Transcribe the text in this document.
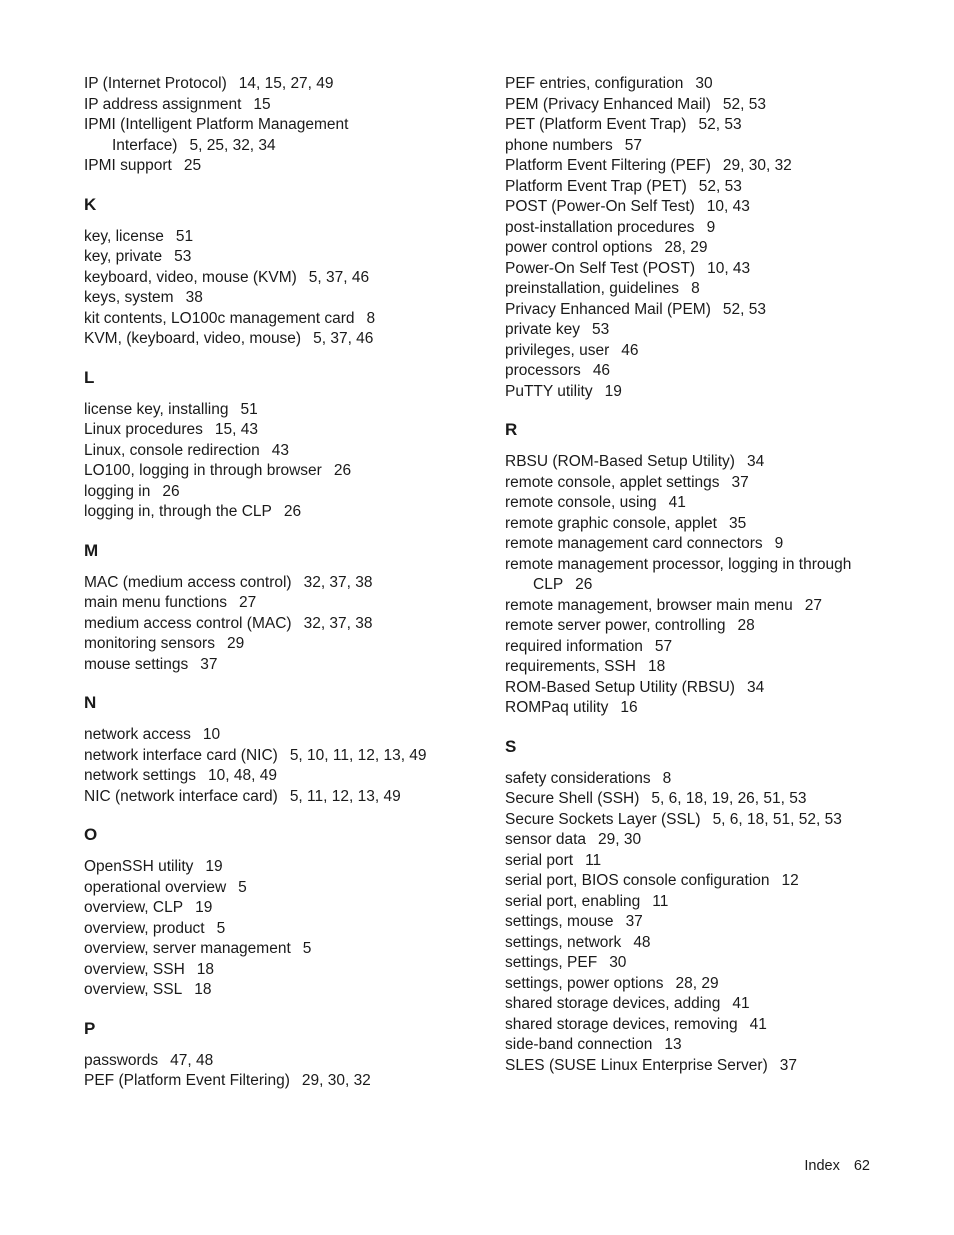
IP (Internet Protocol) 14, 15, 27, 49

IP address assignment 15

IPMI (Intelligent Platform Management Interface) 5, 25, 32, 34

IPMI support 25

K

key, license 51

key, private 53

keyboard, video, mouse (KVM) 5, 37, 46

keys, system 38

kit contents, LO100c management card 8

KVM, (keyboard, video, mouse) 5, 37, 46

L

license key, installing 51

Linux procedures 15, 43

Linux, console redirection 43

LO100, logging in through browser 26

logging in 26

logging in, through the CLP 26

M

MAC (medium access control) 32, 37, 38

main menu functions 27

medium access control (MAC) 32, 37, 38

monitoring sensors 29

mouse settings 37

N

network access 10

network interface card (NIC) 5, 10, 11, 12, 13, 49

network settings 10, 48, 49

NIC (network interface card) 5, 11, 12, 13, 49

O

OpenSSH utility 19

operational overview 5

overview, CLP 19

overview, product 5

overview, server management 5

overview, SSH 18

overview, SSL 18

P

passwords 47, 48

PEF (Platform Event Filtering) 29, 30, 32

PEF entries, configuration 30

PEM (Privacy Enhanced Mail) 52, 53

PET (Platform Event Trap) 52, 53

phone numbers 57

Platform Event Filtering (PEF) 29, 30, 32

Platform Event Trap (PET) 52, 53

POST (Power-On Self Test) 10, 43

post-installation procedures 9

power control options 28, 29

Power-On Self Test (POST) 10, 43

preinstallation, guidelines 8

Privacy Enhanced Mail (PEM) 52, 53

private key 53

privileges, user 46

processors 46

PuTTY utility 19

R

RBSU (ROM-Based Setup Utility) 34

remote console, applet settings 37

remote console, using 41

remote graphic console, applet 35

remote management card connectors 9

remote management processor, logging in through CLP 26

remote management, browser main menu 27

remote server power, controlling 28

required information 57

requirements, SSH 18

ROM-Based Setup Utility (RBSU) 34

ROMPaq utility 16

S

safety considerations 8

Secure Shell (SSH) 5, 6, 18, 19, 26, 51, 53

Secure Sockets Layer (SSL) 5, 6, 18, 51, 52, 53

sensor data 29, 30

serial port 11

serial port, BIOS console configuration 12

serial port, enabling 11

settings, mouse 37

settings, network 48

settings, PEF 30

settings, power options 28, 29

shared storage devices, adding 41

shared storage devices, removing 41

side-band connection 13

SLES (SUSE Linux Enterprise Server) 37

Index 62
